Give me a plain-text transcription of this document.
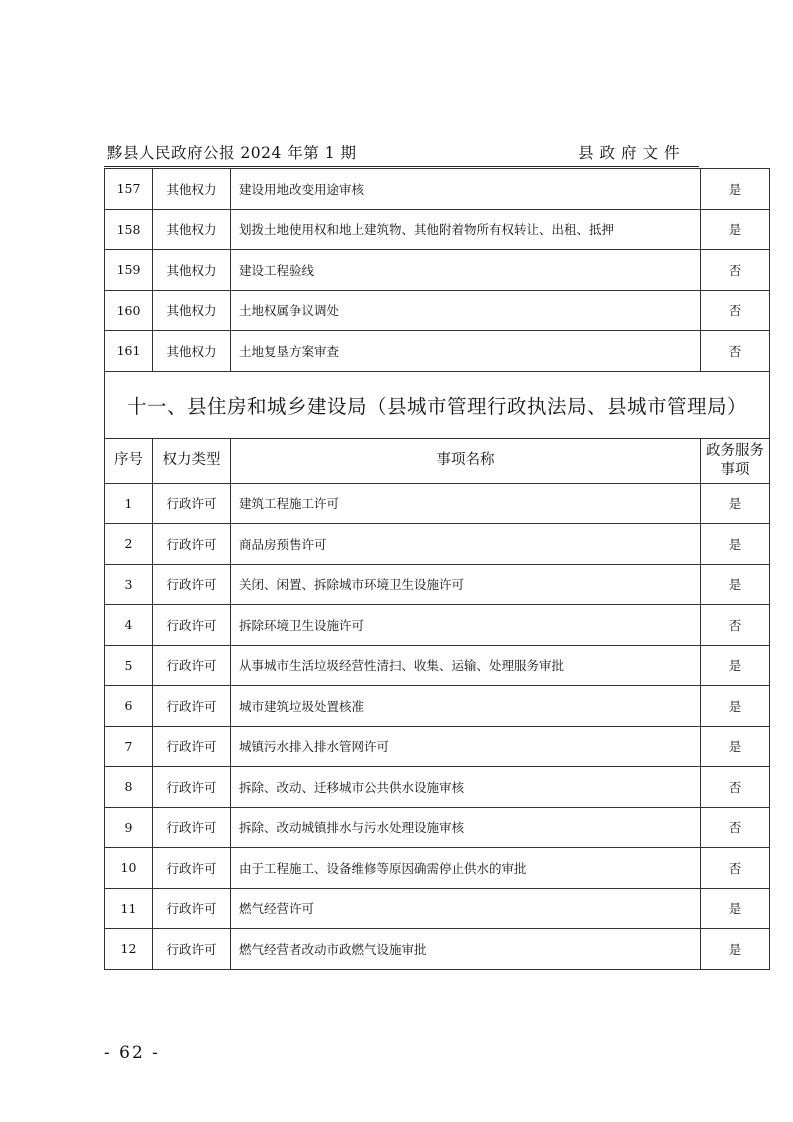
黟县人民政府公报 2024 年第 1 期	县政府文件
157	其他权力	建设用地改变用途审核	是
158	其他权力	划拨土地使用权和地上建筑物、其他附着物所有权转让、出租、抵押	是
159	其他权力	建设工程验线	否
160	其他权力	土地权属争议调处	否
161	其他权力	土地复垦方案审查	否
十一、县住房和城乡建设局（县城市管理行政执法局、县城市管理局）			
序号	权力类型	事项名称	政务服务事项
1	行政许可	建筑工程施工许可	是
2	行政许可	商品房预售许可	是
3	行政许可	关闭、闲置、拆除城市环境卫生设施许可	是
4	行政许可	拆除环境卫生设施许可	否
5	行政许可	从事城市生活垃圾经营性清扫、收集、运输、处理服务审批	是
6	行政许可	城市建筑垃圾处置核准	是
7	行政许可	城镇污水排入排水管网许可	是
8	行政许可	拆除、改动、迁移城市公共供水设施审核	否
9	行政许可	拆除、改动城镇排水与污水处理设施审核	否
10	行政许可	由于工程施工、设备维修等原因确需停止供水的审批	否
11	行政许可	燃气经营许可	是
12	行政许可	燃气经营者改动市政燃气设施审批	是
- 62 -
